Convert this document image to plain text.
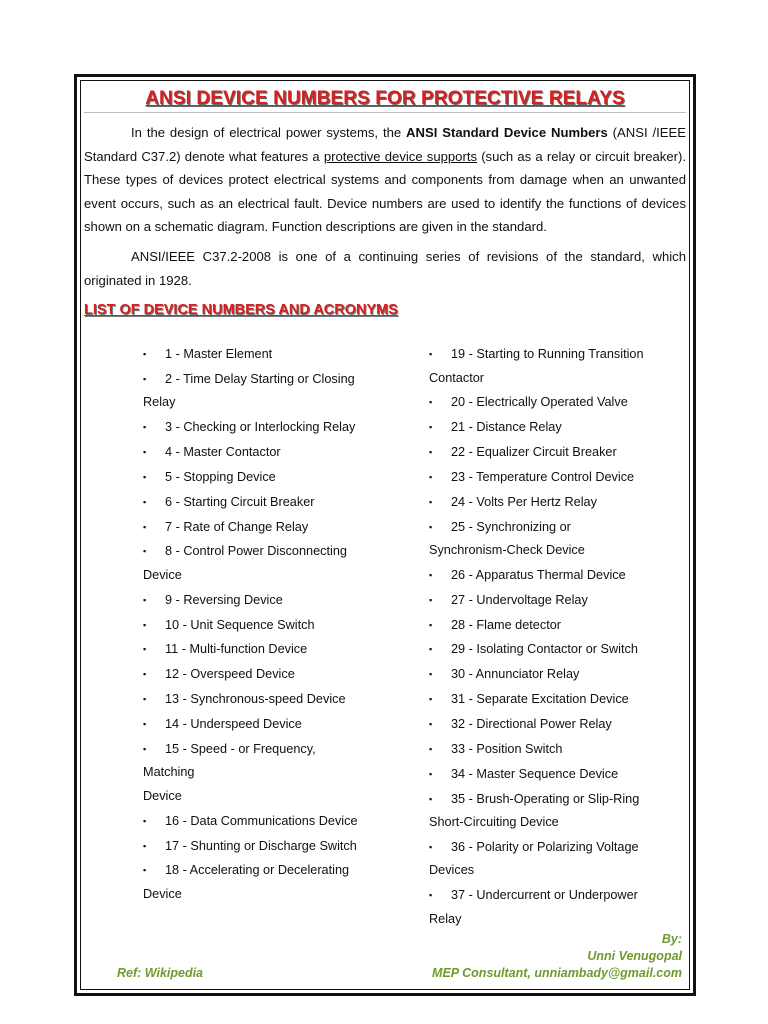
ANSI DEVICE NUMBERS FOR PROTECTIVE RELAYS

In the design of electrical power systems, the ANSI Standard Device Numbers (ANSI /IEEE Standard C37.2) denote what features a protective device supports (such as a relay or circuit breaker). These types of devices protect electrical systems and components from damage when an unwanted event occurs, such as an electrical fault. Device numbers are used to identify the functions of devices shown on a schematic diagram. Function descriptions are given in the standard.

ANSI/IEEE C37.2-2008 is one of a continuing series of revisions of the standard, which originated in 1928.

LIST OF DEVICE NUMBERS AND ACRONYMS
▪ 1 - Master Element
▪ 2 - Time Delay Starting or Closing
Relay
▪ 3 - Checking or Interlocking Relay
▪ 4 - Master Contactor
▪ 5 - Stopping Device
▪ 6 - Starting Circuit Breaker
▪ 7 - Rate of Change Relay
▪ 8 - Control Power Disconnecting
Device
▪ 9 - Reversing Device
▪ 10 - Unit Sequence Switch
▪ 11 - Multi-function Device
▪ 12 - Overspeed Device
▪ 13 - Synchronous-speed Device
▪ 14 - Underspeed Device
▪ 15 - Speed - or Frequency,
Matching
Device
▪ 16 - Data Communications Device
▪ 17 - Shunting or Discharge Switch
▪ 18 - Accelerating or Decelerating
Device
▪ 19 - Starting to Running Transition
Contactor
▪ 20 - Electrically Operated Valve
▪ 21 - Distance Relay
▪ 22 - Equalizer Circuit Breaker
▪ 23 - Temperature Control Device
▪ 24 - Volts Per Hertz Relay
▪ 25 - Synchronizing or
Synchronism-Check Device
▪ 26 - Apparatus Thermal Device
▪ 27 - Undervoltage Relay
▪ 28 - Flame detector
▪ 29 - Isolating Contactor or Switch
▪ 30 - Annunciator Relay
▪ 31 - Separate Excitation Device
▪ 32 - Directional Power Relay
▪ 33 - Position Switch
▪ 34 - Master Sequence Device
▪ 35 - Brush-Operating or Slip-Ring
Short-Circuiting Device
▪ 36 - Polarity or Polarizing Voltage
Devices
▪ 37 - Undercurrent or Underpower
Relay

By:

Unni Venugopal

MEP Consultant, unniambady@gmail.com

Ref: Wikipedia
